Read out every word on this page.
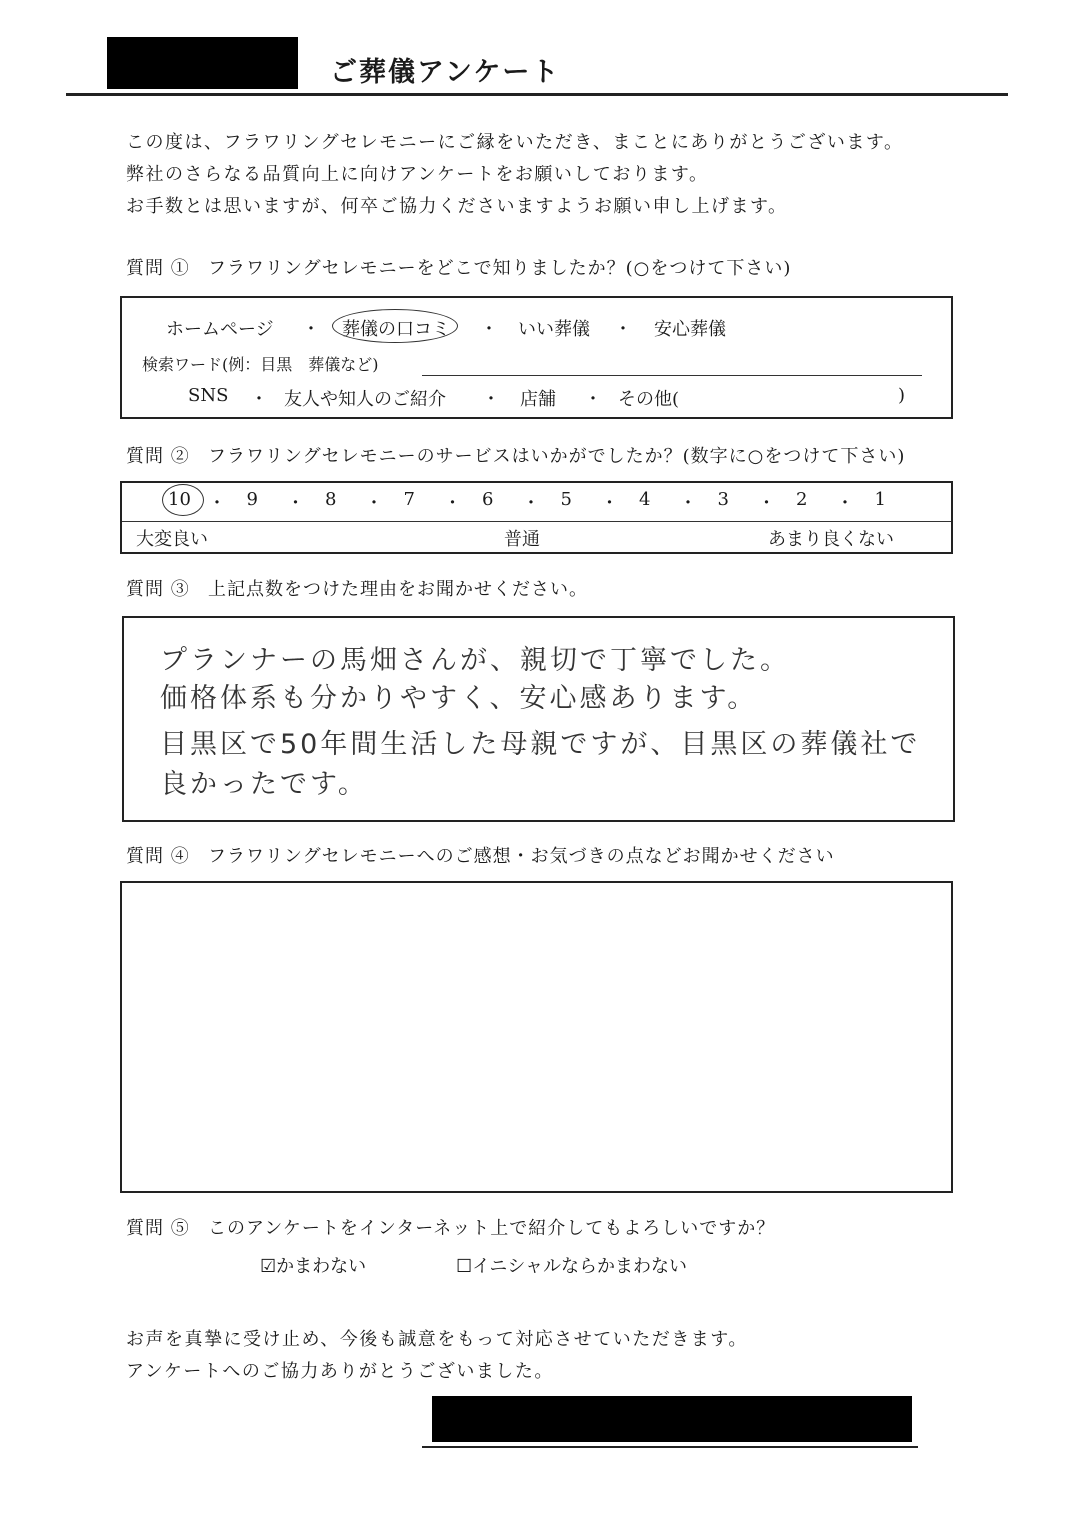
ご葬儀アンケート
この度は、フラワリングセレモニーにご縁をいただき、まことにありがとうございます。
弊社のさらなる品質向上に向けアンケートをお願いしております。
お手数とは思いますが、何卒ご協力くださいますようお願い申し上げます。
質問 ① フラワリングセレモニーをどこで知りましたか？(○をつけて下さい)
ホームページ ・ 葬儀の口コミ ・ いい葬儀 ・ 安心葬儀
検索ワード(例：目黒　葬儀など)
SNS ・ 友人や知人のご紹介 ・ 店舗 ・ その他(	)
質問 ② フラワリングセレモニーのサービスはいかがでしたか？(数字に○をつけて下さい)
大変良い	普通	あまり良くない
10 ・ 9 ・ 8 ・ 7 ・ 6 ・ 5 ・ 4 ・ 3 ・ 2 ・ 1
質問 ③ 上記点数をつけた理由をお聞かせください。
プランナーの馬畑さんが、親切で丁寧でした。
価格体系も分かりやすく、安心感あります。
目黒区で50年間生活した母親ですが、目黒区の葬儀社で
良かったです。
質問 ④ フラワリングセレモニーへのご感想・お気づきの点などお聞かせください
質問 ⑤ このアンケートをインターネット上で紹介してもよろしいですか？
☑かまわない	☐イニシャルならかまわない
お声を真摯に受け止め、今後も誠意をもって対応させていただきます。
アンケートへのご協力ありがとうございました。
